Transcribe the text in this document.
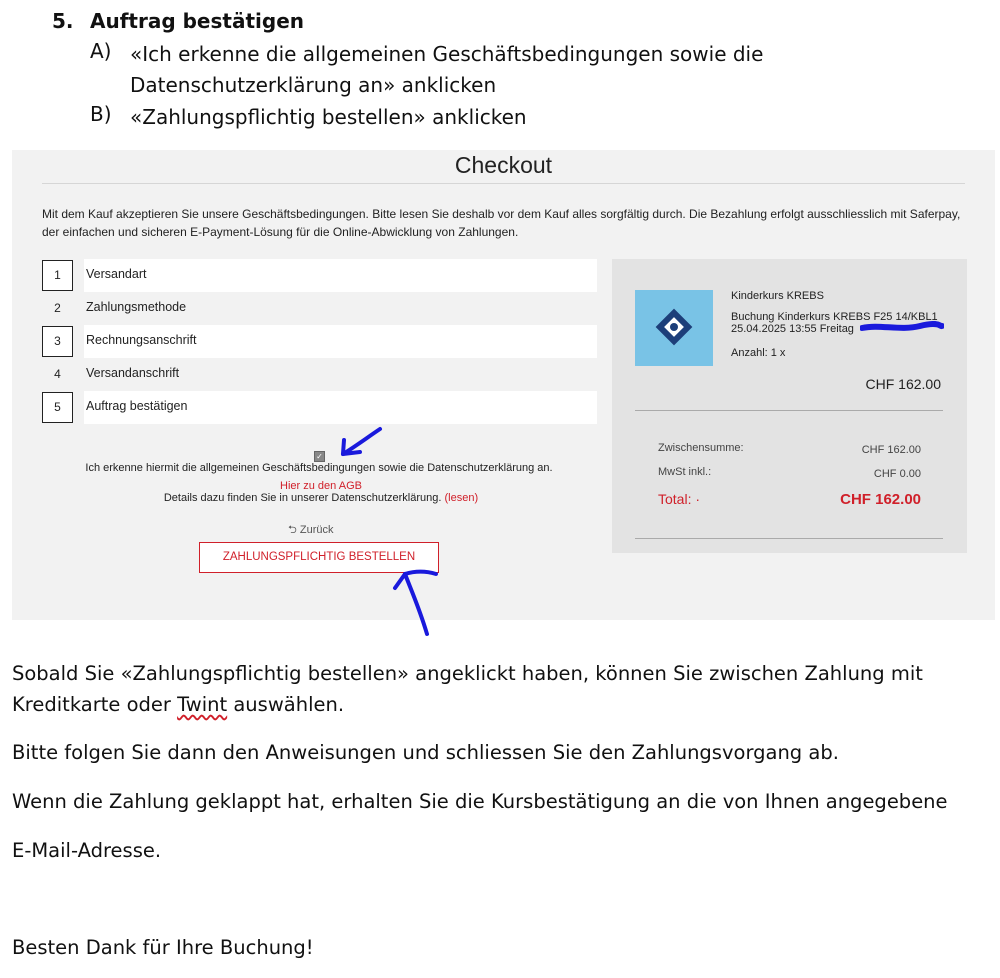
5. Auftrag bestätigen
A) «Ich erkenne die allgemeinen Geschäftsbedingungen sowie die Datenschutzerklärung an» anklicken
B) «Zahlungspflichtig bestellen» anklicken
Checkout
Mit dem Kauf akzeptieren Sie unsere Geschäftsbedingungen. Bitte lesen Sie deshalb vor dem Kauf alles sorgfältig durch. Die Bezahlung erfolgt ausschliesslich mit Saferpay, der einfachen und sicheren E-Payment-Lösung für die Online-Abwicklung von Zahlungen.
1	Versandart
2	Zahlungsmethode
3	Rechnungsanschrift
4	Versandanschrift
5	Auftrag bestätigen
Kinderkurs KREBS
Buchung Kinderkurs KREBS F25 14/KBL1
25.04.2025 13:55 Freitag
Anzahl: 1 x
CHF 162.00
Zwischensumme:	CHF 162.00
MwSt inkl.:	CHF 0.00
Total: ·	CHF 162.00
✓
Ich erkenne hiermit die allgemeinen Geschäftsbedingungen sowie die Datenschutzerklärung an.
Hier zu den AGB
Details dazu finden Sie in unserer Datenschutzerklärung. (lesen)
⮌ Zurück
ZAHLUNGSPFLICHTIG BESTELLEN
Sobald Sie «Zahlungspflichtig bestellen» angeklickt haben, können Sie zwischen Zahlung mit
Kreditkarte oder Twint auswählen.
Bitte folgen Sie dann den Anweisungen und schliessen Sie den Zahlungsvorgang ab.
Wenn die Zahlung geklappt hat, erhalten Sie die Kursbestätigung an die von Ihnen angegebene
E-Mail-Adresse.
Besten Dank für Ihre Buchung!
